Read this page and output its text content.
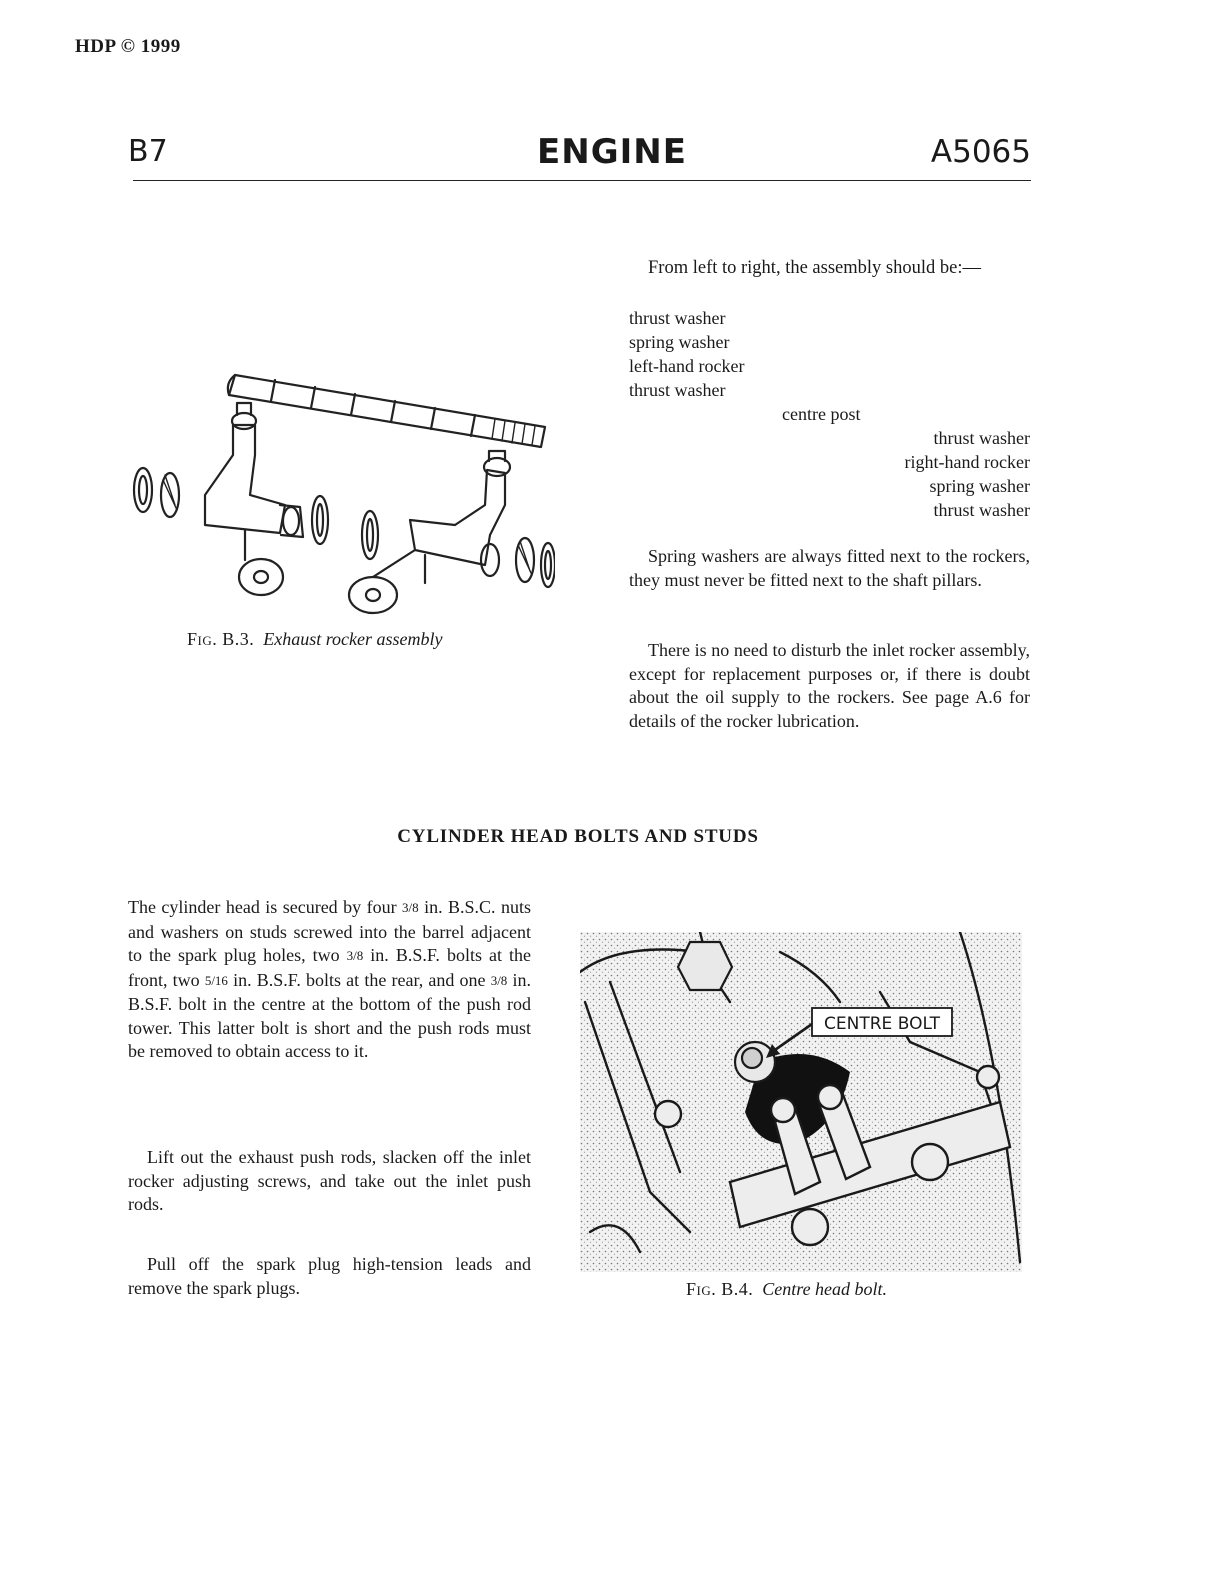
HDP © 1999
B7	ENGINE	A5065
Fig. B.3. Exhaust rocker assembly
From left to right, the assembly should be:—
thrust washer
spring washer
left-hand rocker
thrust washer
centre post
thrust washer
right-hand rocker
spring washer
thrust washer
Spring washers are always fitted next to the rockers, they must never be fitted next to the shaft pillars.
There is no need to disturb the inlet rocker assembly, except for replacement purposes or, if there is doubt about the oil supply to the rockers. See page A.6 for details of the rocker lubrication.
CYLINDER HEAD BOLTS AND STUDS
The cylinder head is secured by four 3/8 in. B.S.C. nuts and washers on studs screwed into the barrel adjacent to the spark plug holes, two 3/8 in. B.S.F. bolts at the front, two 5/16 in. B.S.F. bolts at the rear, and one 3/8 in. B.S.F. bolt in the centre at the bottom of the push rod tower. This latter bolt is short and the push rods must be removed to obtain access to it.
Lift out the exhaust push rods, slacken off the inlet rocker adjusting screws, and take out the inlet push rods.
Pull off the spark plug high-tension leads and remove the spark plugs.
CENTRE BOLT
Fig. B.4. Centre head bolt.
